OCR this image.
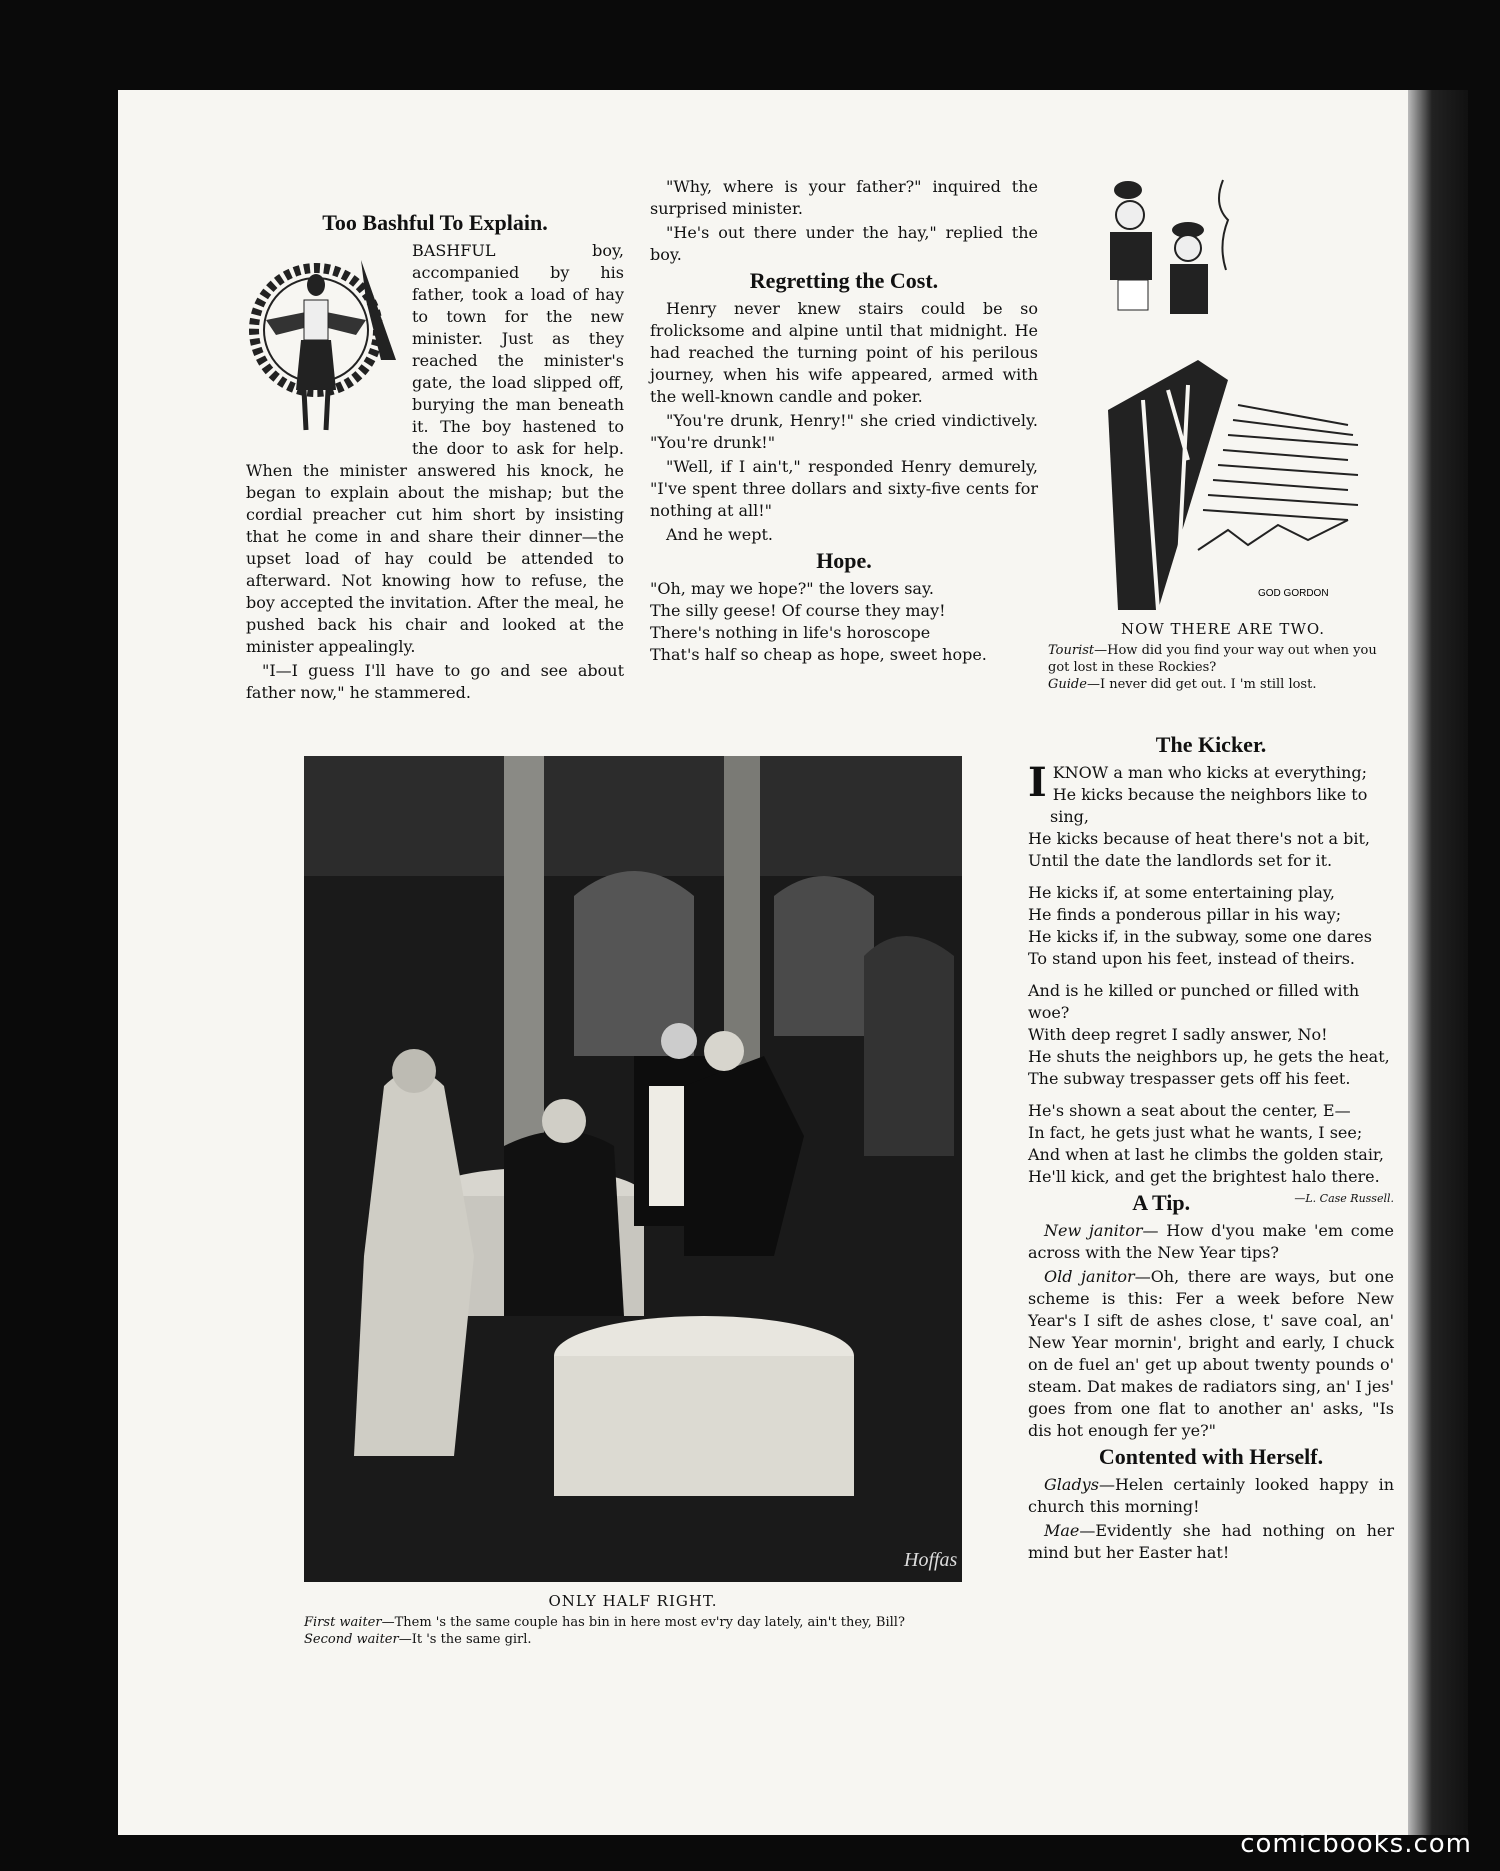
Too Bashful To Explain.

BASHFUL boy, accompanied by his father, took a load of hay to town for the new minister. Just as they reached the minister's gate, the load slipped off, burying the man beneath it. The boy hastened to the door to ask for help. When the minister answered his knock, he began to explain about the mishap; but the cordial preacher cut him short by insisting that he come in and share their dinner—the upset load of hay could be attended to afterward. Not knowing how to refuse, the boy accepted the invitation. After the meal, he pushed back his chair and looked at the minister appealingly.

"I—I guess I'll have to go and see about father now," he stammered.

"Why, where is your father?" inquired the surprised minister.

"He's out there under the hay," replied the boy.

Regretting the Cost.

Henry never knew stairs could be so frolicksome and alpine until that midnight. He had reached the turning point of his perilous journey, when his wife appeared, armed with the well-known candle and poker.

"You're drunk, Henry!" she cried vindictively. "You're drunk!"

"Well, if I ain't," responded Henry demurely, "I've spent three dollars and sixty-five cents for nothing at all!"

And he wept.

Hope.
"Oh, may we hope?" the lovers say.
The silly geese! Of course they may!
There's nothing in life's horoscope
That's half so cheap as hope, sweet hope.
GOD GORDON
NOW THERE ARE TWO.
Tourist—How did you find your way out when you got lost in these Rockies?
Guide—I never did get out. I 'm still lost.
The Kicker.
I KNOW a man who kicks at everything;
He kicks because the neighbors like to sing,
He kicks because of heat there's not a bit,
Until the date the landlords set for it.
He kicks if, at some entertaining play,
He finds a ponderous pillar in his way;
He kicks if, in the subway, some one dares
To stand upon his feet, instead of theirs.
And is he killed or punched or filled with woe?
With deep regret I sadly answer, No!
He shuts the neighbors up, he gets the heat,
The subway trespasser gets off his feet.
He's shown a seat about the center, E—
In fact, he gets just what he wants, I see;
And when at last he climbs the golden stair,
He'll kick, and get the brightest halo there.
—L. Case Russell.
A Tip.

New janitor— How d'you make 'em come across with the New Year tips?

Old janitor—Oh, there are ways, but one scheme is this: Fer a week before New Year's I sift de ashes close, t' save coal, an' New Year mornin', bright and early, I chuck on de fuel an' get up about twenty pounds o' steam. Dat makes de radiators sing, an' I jes' goes from one flat to another an' asks, "Is dis hot enough fer ye?"

Contented with Herself.

Gladys—Helen certainly looked happy in church this morning!

Mae—Evidently she had nothing on her mind but her Easter hat!

Hoffas
ONLY HALF RIGHT.
First waiter—Them 's the same couple has bin in here most ev'ry day lately, ain't they, Bill?
Second waiter—It 's the same girl.
comicbooks.com
